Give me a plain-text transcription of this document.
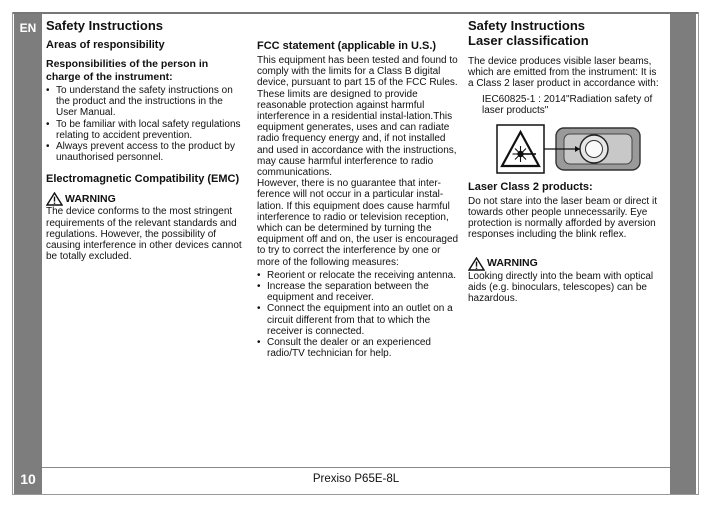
EN
10	Prexiso P65E-8L
Safety Instructions
Areas of responsibility
Responsibilities of the person in charge of the instrument:
• To understand the safety instructions on the product and the instructions in the User Manual.
• To be familiar with local safety regulations relating to accident prevention.
• Always prevent access to the product by unauthorised personnel.
Electromagnetic Compatibility (EMC)
WARNING

The device conforms to the most stringent requirements of the relevant standards and regulations. However, the possibility of causing interference in other devices cannot be totally excluded.

FCC statement (applicable in U.S.)

This equipment has been tested and found to comply with the limits for a Class B digital device, pursuant to part 15 of the FCC Rules. These limits are designed to provide reasonable protection against harmful interference in a residential instal-lation.This equipment generates, uses and can radiate radio frequency energy and, if not installed and used in accordance with the instructions, may cause harmful interference to radio communications.

However, there is no guarantee that inter-ference will not occur in a particular instal-lation. If this equipment does cause harmful interference to radio or television reception, which can be determined by turning the equipment off and on, the user is encouraged to try to correct the interference by one or more of the following measures:

• Reorient or relocate the receiving antenna.
• Increase the separation between the equipment and receiver.
• Connect the equipment into an outlet on a circuit different from that to which the receiver is connected.
• Consult the dealer or an experienced radio/TV technician for help.
Safety Instructions
Laser classification

The device produces visible laser beams, which are emitted from the instrument: It is a Class 2 laser product in accordance with:

IEC60825-1 : 2014"Radiation safety of laser products"

Laser Class 2 products:

Do not stare into the laser beam or direct it towards other people unnecessarily. Eye protection is normally afforded by aversion responses including the blink reflex.

WARNING

Looking directly into the beam with optical aids (e.g. binoculars, telescopes) can be hazardous.
